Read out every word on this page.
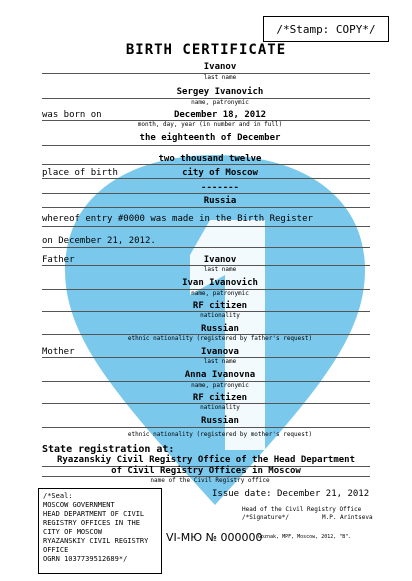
/*Stamp: COPY*/
BIRTH CERTIFICATE
Ivanov
last name
Sergey Ivanovich
name, patronymic
was born on	December 18, 2012
month, day, year (in number and in full)
the eighteenth of December
two thousand twelve
place of birth	city of Moscow
-------
Russia
whereof entry #0000 was made in the Birth Register
on December 21, 2012.
Father	Ivanov
last name
Ivan Ivanovich
name, patronymic
RF citizen
nationality
Russian
ethnic nationality (registered by father's request)
Mother	Ivanova
last name
Anna Ivanovna
name, patronymic
RF citizen
nationality
Russian
ethnic nationality (registered by mother's request)
State registration at:
Ryazanskiy Civil Registry Office of the Head Department
of Civil Registry Offices in Moscow
name of the Civil Registry office
/*Seal:
MOSCOW GOVERNMENT
HEAD DEPARTMENT OF CIVIL
REGISTRY OFFICES IN THE
CITY OF MOSCOW
RYAZANSKIY CIVIL REGISTRY
OFFICE
OGRN 1037739512689*/
Issue date: December 21, 2012
Head of the Civil Registry Office
/*Signature*/	M.P. Arintseva
VI-МЮ № 000000
Goznak, MPF, Moscow, 2012, "B".
